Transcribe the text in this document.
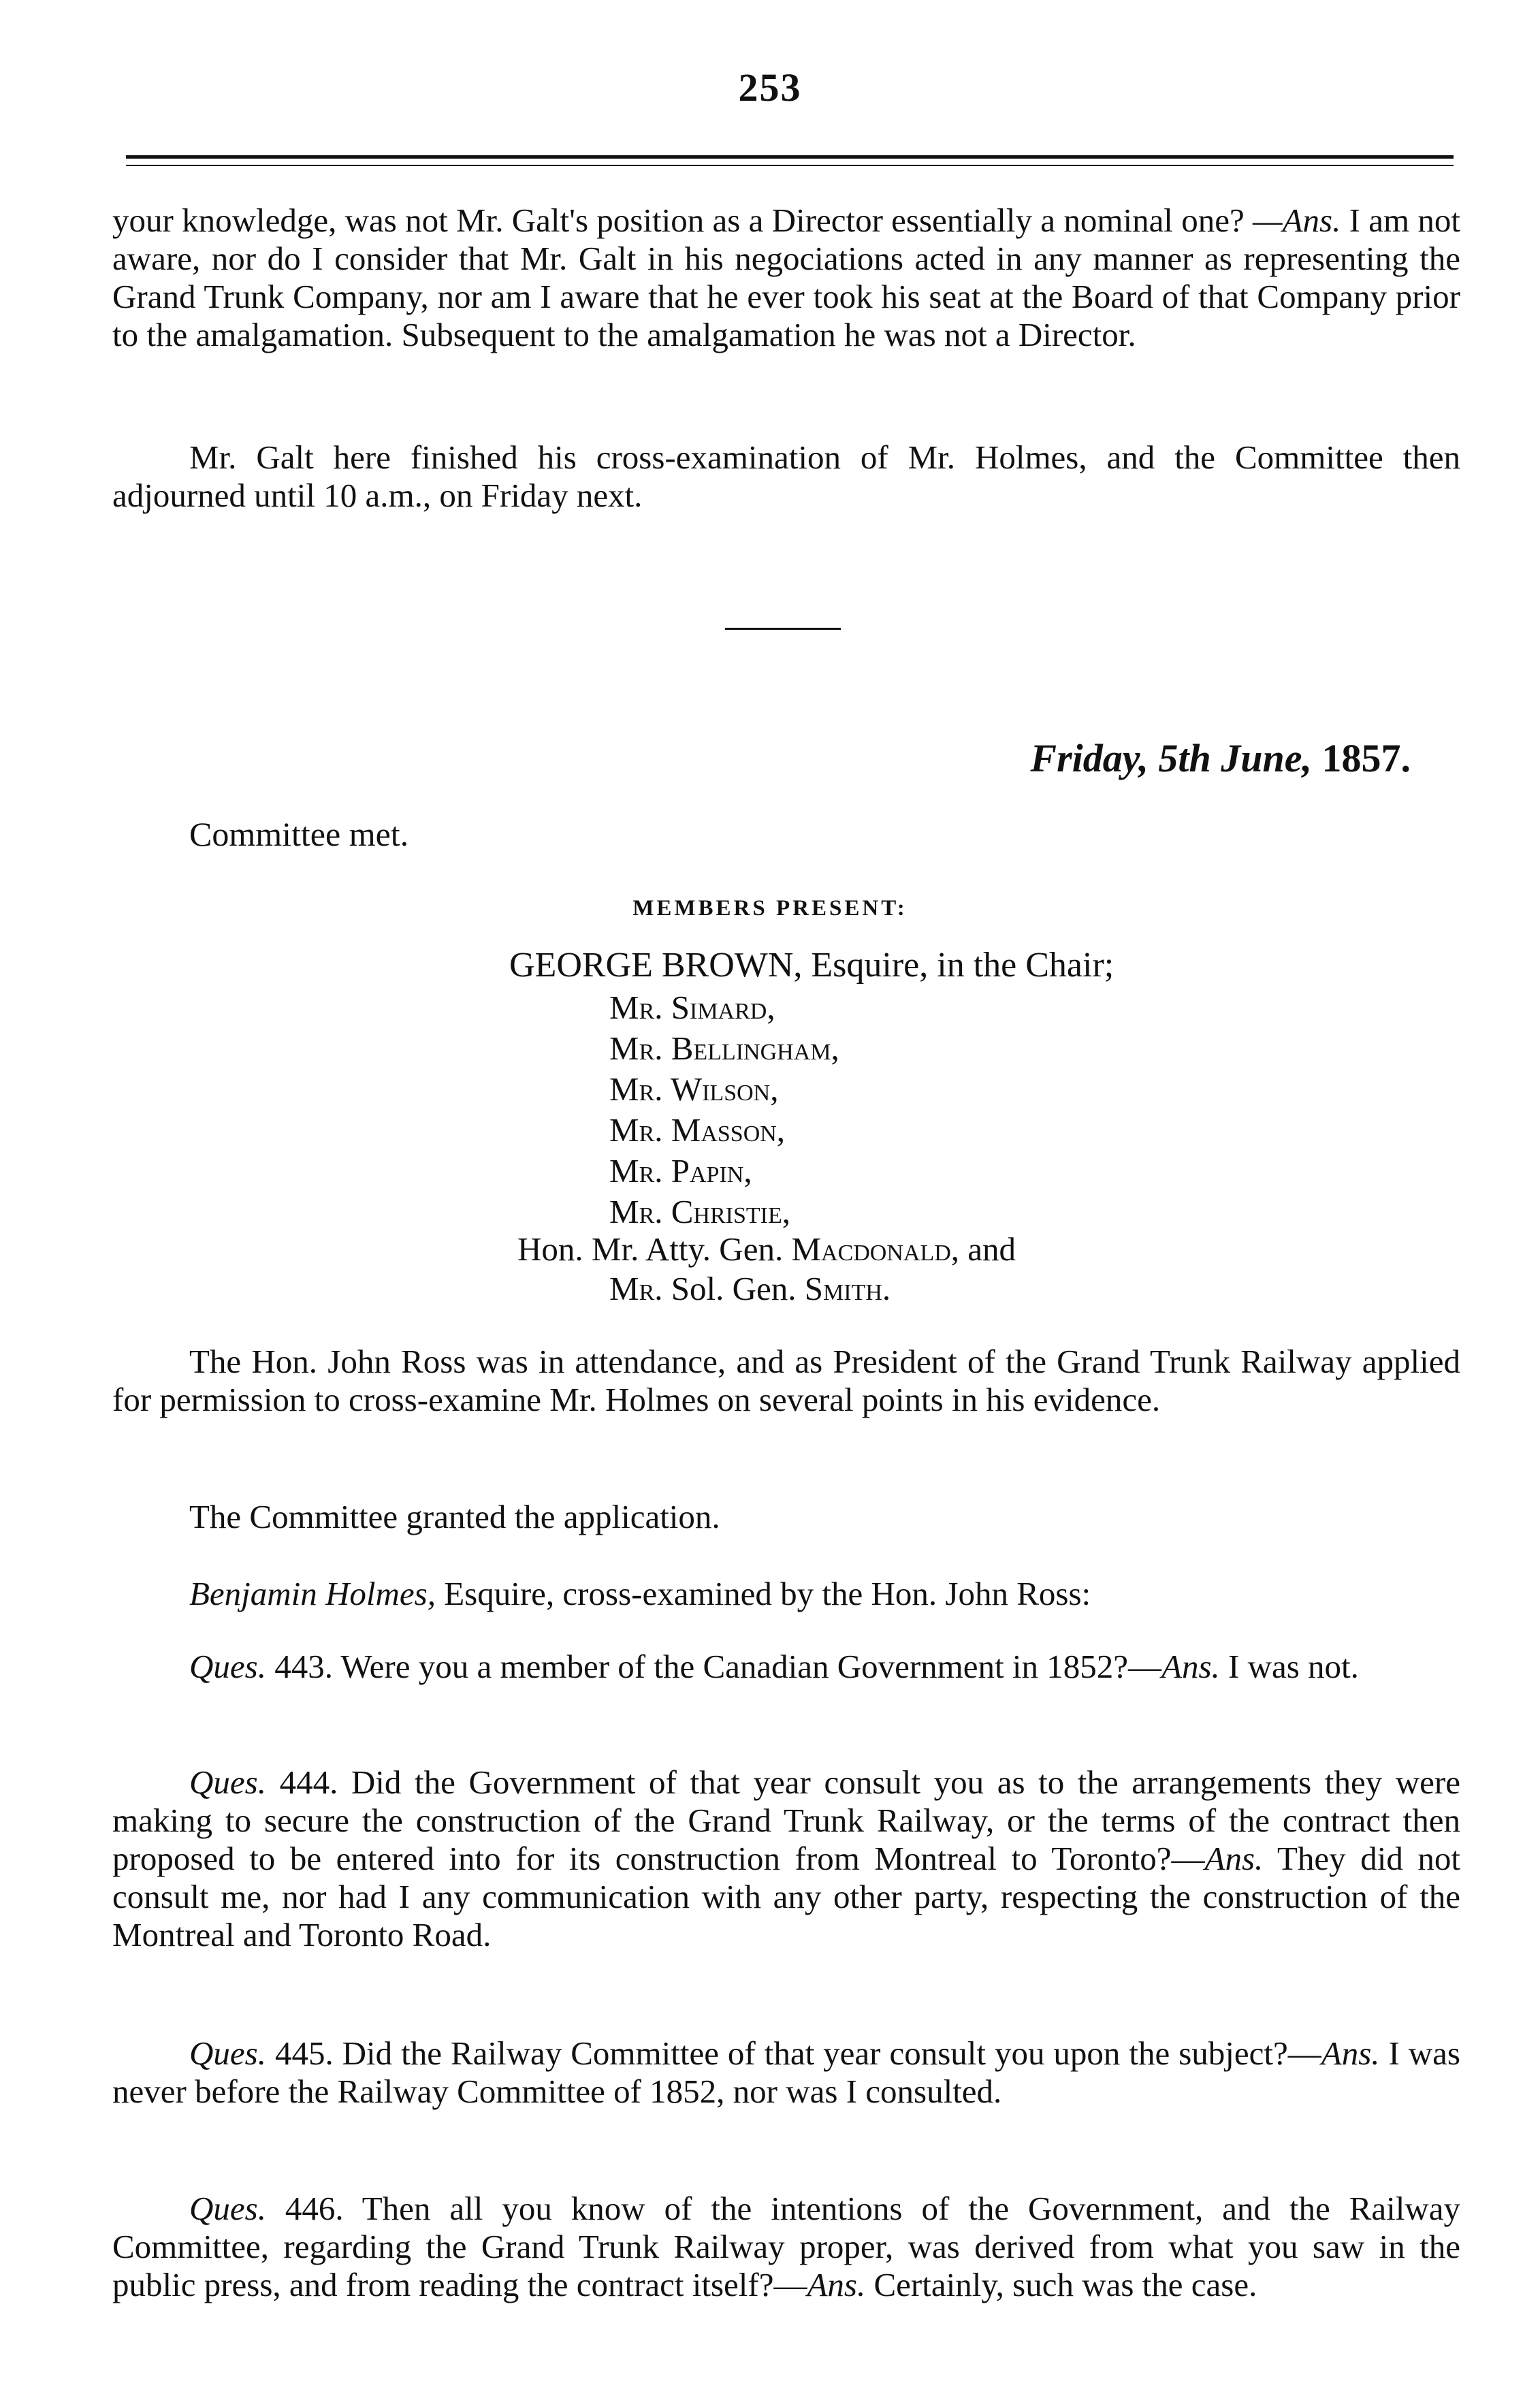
253

your knowledge, was not Mr. Galt's position as a Director essentially a nominal one? —Ans. I am not aware, nor do I consider that Mr. Galt in his negociations acted in any manner as representing the Grand Trunk Company, nor am I aware that he ever took his seat at the Board of that Company prior to the amalgamation. Subsequent to the amalgamation he was not a Director.

Mr. Galt here finished his cross-examination of Mr. Holmes, and the Committee then adjourned until 10 a.m., on Friday next.

Friday, 5th June, 1857.
Committee met.
MEMBERS PRESENT:
GEORGE BROWN, Esquire, in the Chair;
Mr. Simard,
Mr. Bellingham,
Mr. Wilson,
Mr. Masson,
Mr. Papin,
Mr. Christie,
Hon. Mr. Atty. Gen. Macdonald, and
Mr. Sol. Gen. Smith.

The Hon. John Ross was in attendance, and as President of the Grand Trunk Railway applied for permission to cross-examine Mr. Holmes on several points in his evidence.

The Committee granted the application.

Benjamin Holmes, Esquire, cross-examined by the Hon. John Ross:

Ques. 443. Were you a member of the Canadian Government in 1852?—Ans. I was not.

Ques. 444. Did the Government of that year consult you as to the arrangements they were making to secure the construction of the Grand Trunk Railway, or the terms of the contract then proposed to be entered into for its construction from Montreal to Toronto?—Ans. They did not consult me, nor had I any communication with any other party, respecting the construction of the Montreal and Toronto Road.

Ques. 445. Did the Railway Committee of that year consult you upon the subject?—Ans. I was never before the Railway Committee of 1852, nor was I consulted.

Ques. 446. Then all you know of the intentions of the Government, and the Railway Committee, regarding the Grand Trunk Railway proper, was derived from what you saw in the public press, and from reading the contract itself?—Ans. Certainly, such was the case.
